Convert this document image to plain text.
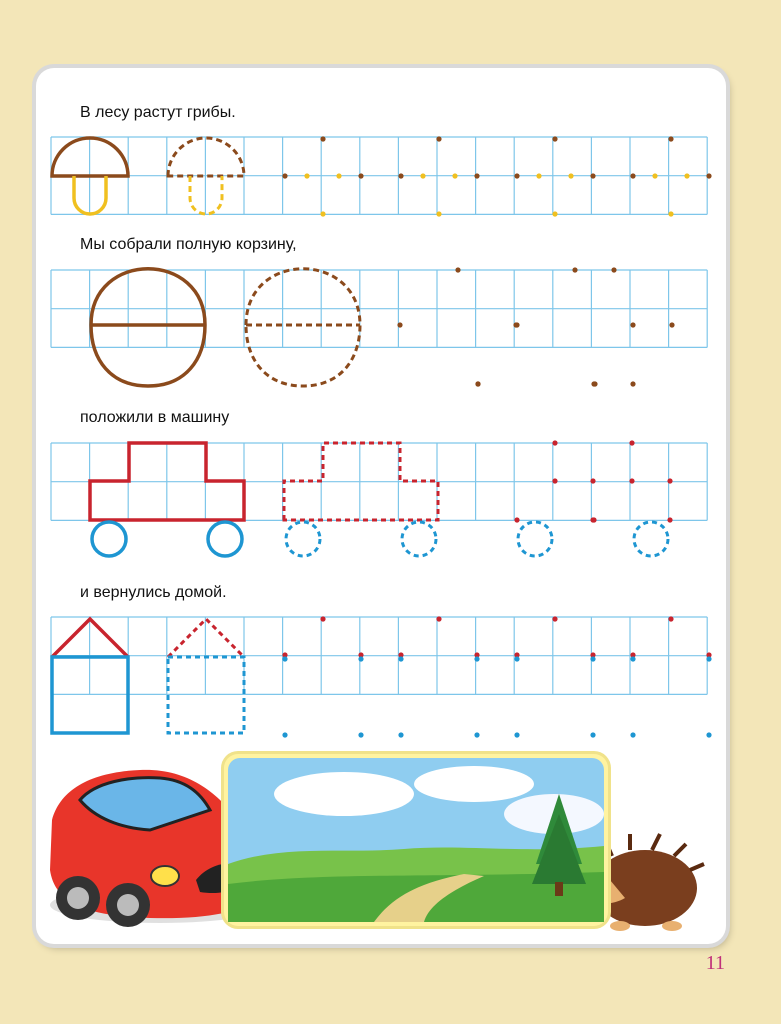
В лесу растут грибы.

Мы собрали полную корзину,

положили в машину

и вернулись домой.

11
